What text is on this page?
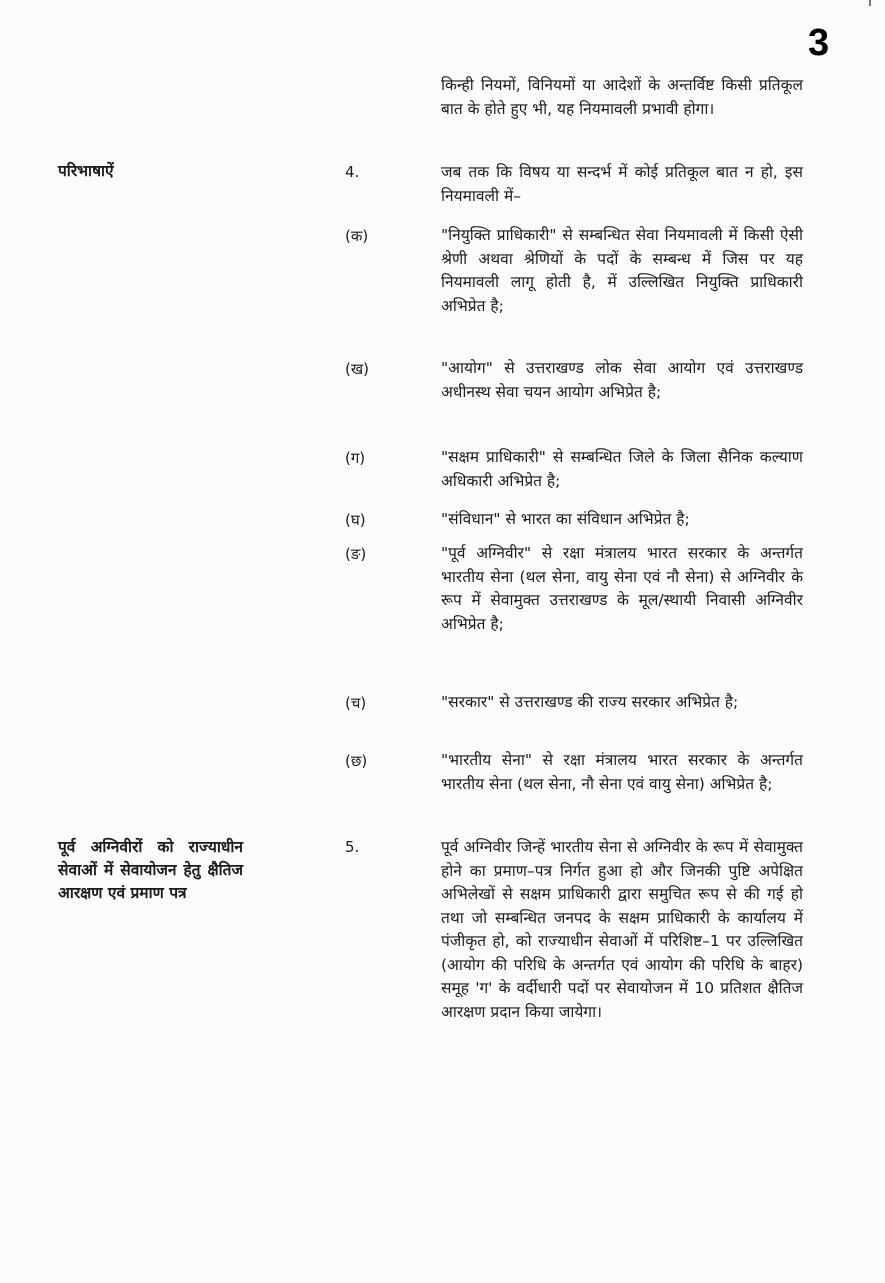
3

किन्ही नियमों, विनियमों या आदेशों के अन्तर्विष्ट किसी प्रतिकूल बात के होते हुए भी, यह नियमावली प्रभावी होगा।

परिभाषाऐं	4.	जब तक कि विषय या सन्दर्भ में कोई प्रतिकूल बात न हो, इस नियमावली में–

(क)	"नियुक्ति प्राधिकारी" से सम्बन्धित सेवा नियमावली में किसी ऐसी श्रेणी अथवा श्रेणियों के पदों के सम्बन्ध में जिस पर यह नियमावली लागू होती है, में उल्लिखित नियुक्ति प्राधिकारी अभिप्रेत है;

(ख)	"आयोग" से उत्तराखण्ड लोक सेवा आयोग एवं उत्तराखण्ड अधीनस्थ सेवा चयन आयोग अभिप्रेत है;

(ग)	"सक्षम प्राधिकारी" से सम्बन्धित जिले के जिला सैनिक कल्याण अधिकारी अभिप्रेत है;

(घ)	"संविधान" से भारत का संविधान अभिप्रेत है;

(ङ)	"पूर्व अग्निवीर" से रक्षा मंत्रालय भारत सरकार के अन्तर्गत भारतीय सेना (थल सेना, वायु सेना एवं नौ सेना) से अग्निवीर के रूप में सेवामुक्त उत्तराखण्ड के मूल/स्थायी निवासी अग्निवीर अभिप्रेत है;

(च)	"सरकार" से उत्तराखण्ड की राज्य सरकार अभिप्रेत है;

(छ)	"भारतीय सेना" से रक्षा मंत्रालय भारत सरकार के अन्तर्गत भारतीय सेना (थल सेना, नौ सेना एवं वायु सेना) अभिप्रेत है;

पूर्व अग्निवीरों को राज्याधीन सेवाओं में सेवायोजन हेतु क्षैतिज आरक्षण एवं प्रमाण पत्र
5.	पूर्व अग्निवीर जिन्हें भारतीय सेना से अग्निवीर के रूप में सेवामुक्त होने का प्रमाण–पत्र निर्गत हुआ हो और जिनकी पुष्टि अपेक्षित अभिलेखों से सक्षम प्राधिकारी द्वारा समुचित रूप से की गई हो तथा जो सम्बन्धित जनपद के सक्षम प्राधिकारी के कार्यालय में पंजीकृत हो, को राज्याधीन सेवाओं में परिशिष्ट–1 पर उल्लिखित (आयोग की परिधि के अन्तर्गत एवं आयोग की परिधि के बाहर) समूह 'ग' के वर्दीधारी पदों पर सेवायोजन में 10 प्रतिशत क्षैतिज आरक्षण प्रदान किया जायेगा।
